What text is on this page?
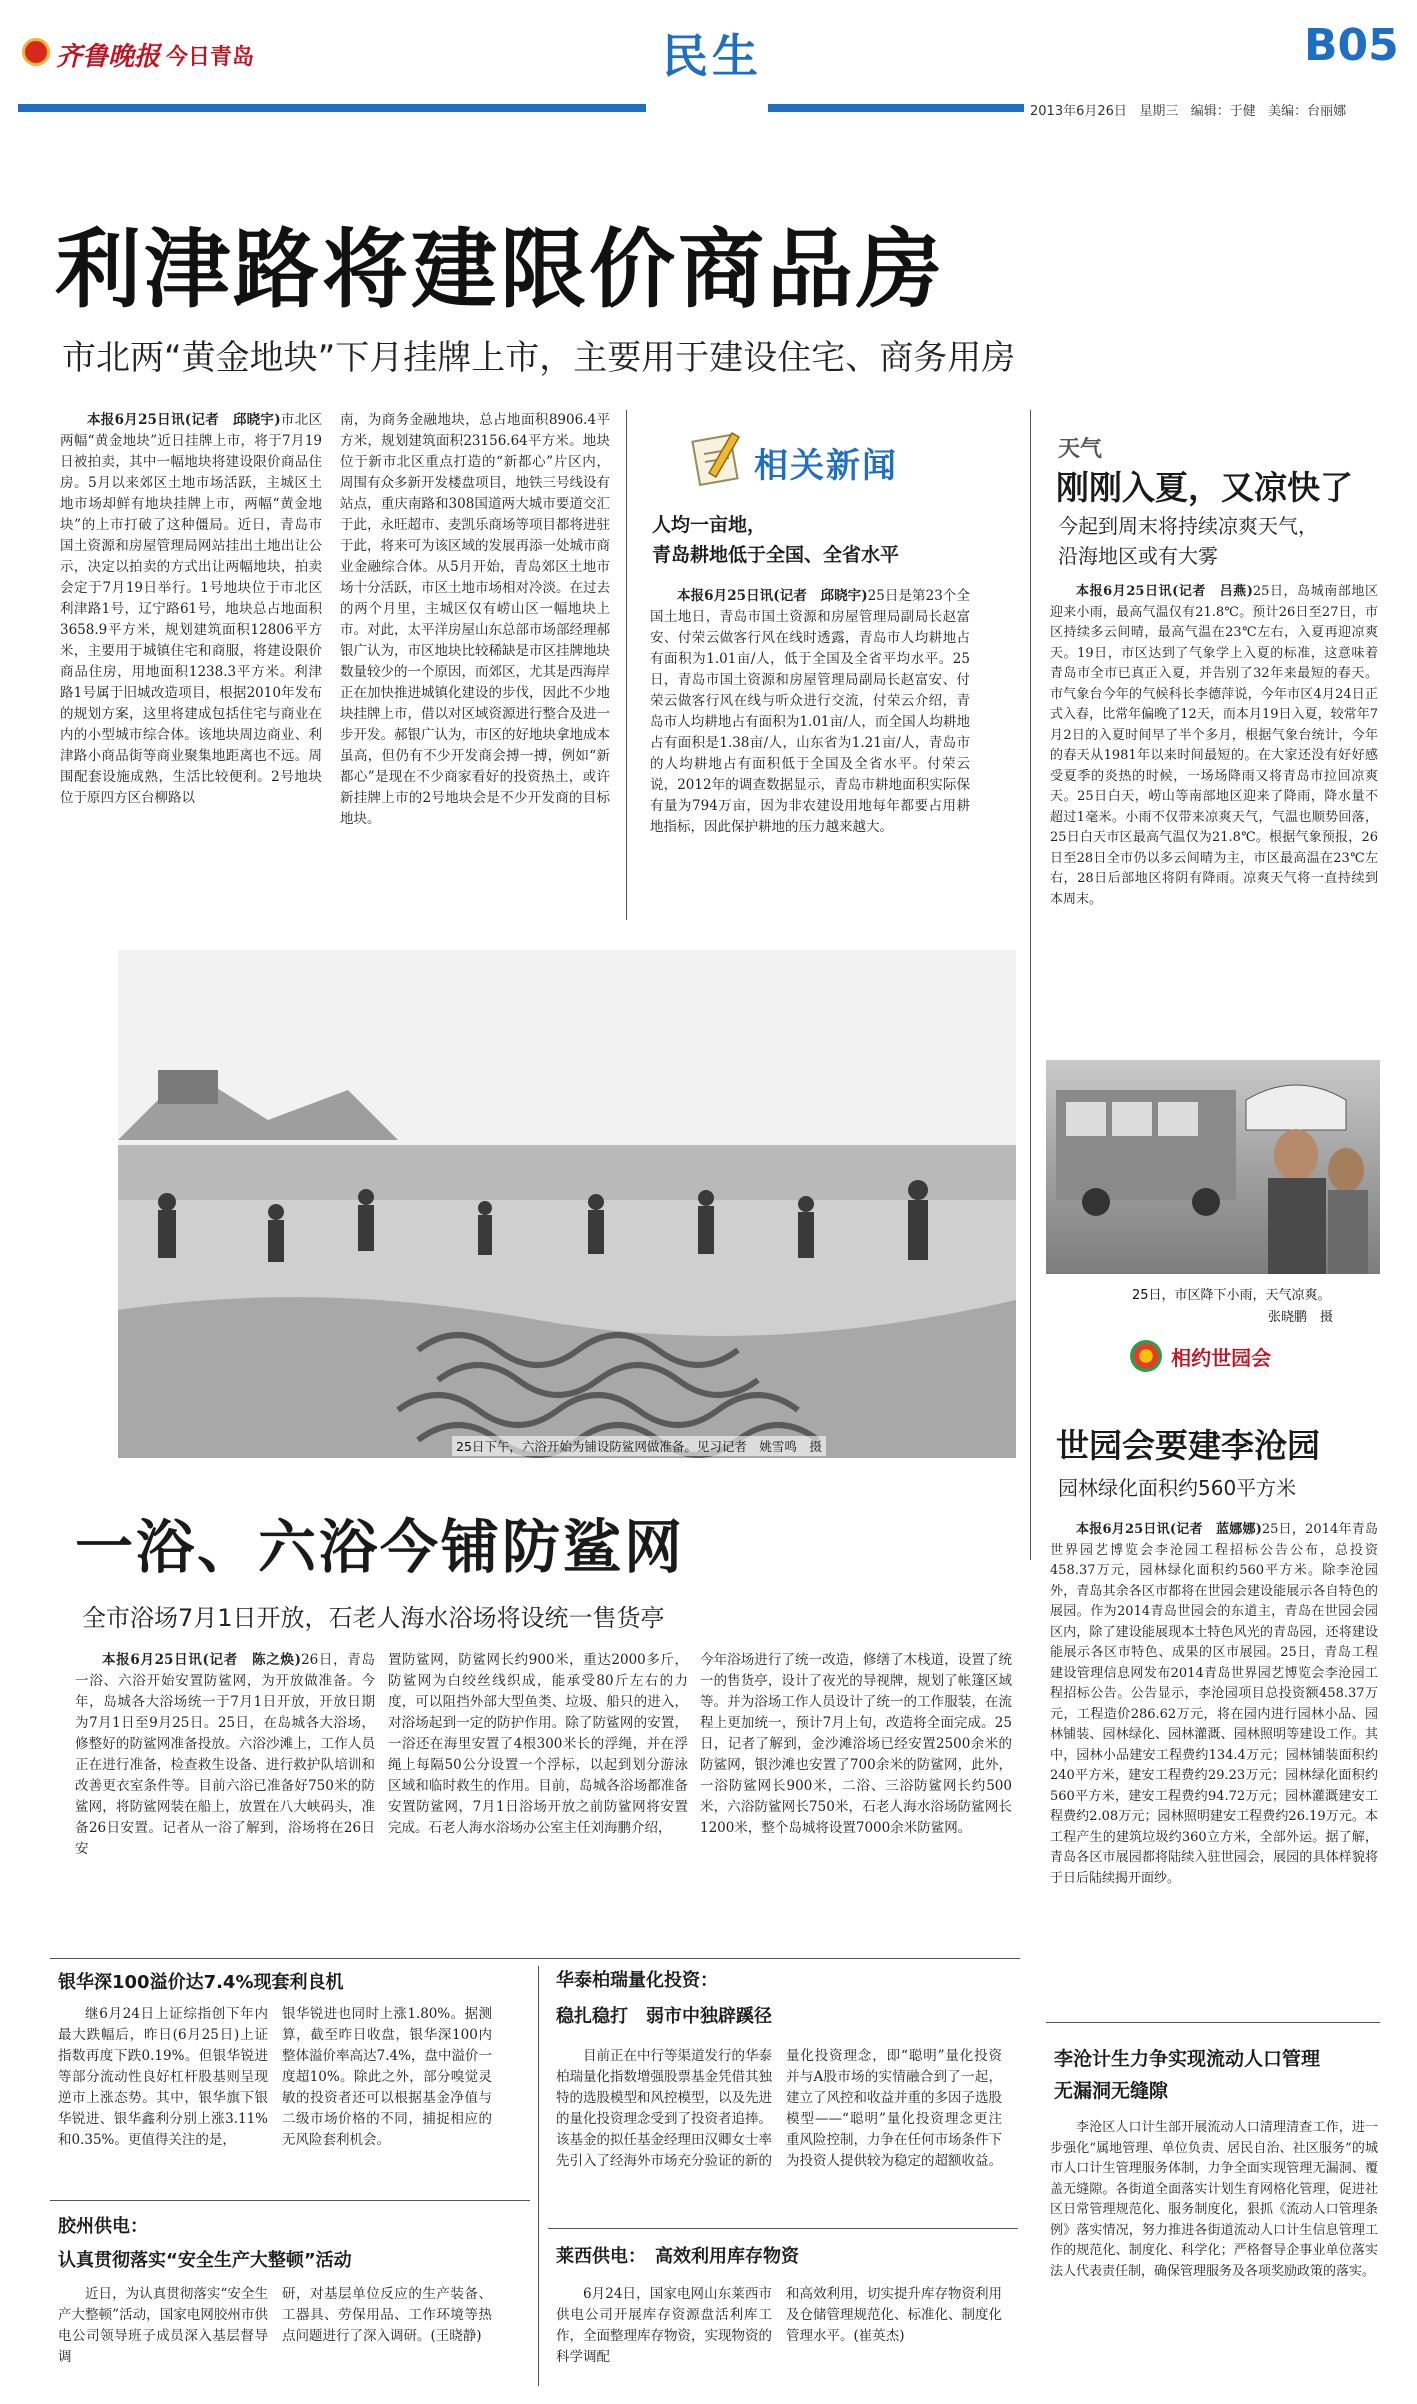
齐鲁晚报 今日青岛	民生	B05
2013年6月26日 星期三 编辑：于健 美编：台丽娜
利津路将建限价商品房
市北两“黄金地块”下月挂牌上市，主要用于建设住宅、商务用房

本报6月25日讯(记者　邱晓宇)市北区两幅“黄金地块”近日挂牌上市，将于7月19日被拍卖，其中一幅地块将建设限价商品住房。5月以来郊区土地市场活跃，主城区土地市场却鲜有地块挂牌上市，两幅“黄金地块”的上市打破了这种僵局。近日，青岛市国土资源和房屋管理局网站挂出土地出让公示，决定以拍卖的方式出让两幅地块，拍卖会定于7月19日举行。1号地块位于市北区利津路1号，辽宁路61号，地块总占地面积3658.9平方米，规划建筑面积12806平方米，主要用于城镇住宅和商服，将建设限价商品住房，用地面积1238.3平方米。利津路1号属于旧城改造项目，根据2010年发布的规划方案，这里将建成包括住宅与商业在内的小型城市综合体。该地块周边商业、利津路小商品街等商业聚集地距离也不远。周围配套设施成熟，生活比较便利。2号地块位于原四方区台柳路以

南，为商务金融地块，总占地面积8906.4平方米，规划建筑面积23156.64平方米。地块位于新市北区重点打造的“新都心”片区内，周围有众多新开发楼盘项目，地铁三号线设有站点，重庆南路和308国道两大城市要道交汇于此，永旺超市、麦凯乐商场等项目都将进驻于此，将来可为该区域的发展再添一处城市商业金融综合体。从5月开始，青岛郊区土地市场十分活跃，市区土地市场相对冷淡。在过去的两个月里，主城区仅有崂山区一幅地块上市。对此，太平洋房屋山东总部市场部经理郝银广认为，市区地块比较稀缺是市区挂牌地块数量较少的一个原因，而郊区，尤其是西海岸正在加快推进城镇化建设的步伐，因此不少地块挂牌上市，借以对区域资源进行整合及进一步开发。郝银广认为，市区的好地块拿地成本虽高，但仍有不少开发商会搏一搏，例如“新都心”是现在不少商家看好的投资热土，或许新挂牌上市的2号地块会是不少开发商的目标地块。

相关新闻
人均一亩地，
青岛耕地低于全国、全省水平

本报6月25日讯(记者　邱晓宇)25日是第23个全国土地日，青岛市国土资源和房屋管理局副局长赵富安、付荣云做客行风在线时透露，青岛市人均耕地占有面积为1.01亩/人，低于全国及全省平均水平。25日，青岛市国土资源和房屋管理局副局长赵富安、付荣云做客行风在线与听众进行交流，付荣云介绍，青岛市人均耕地占有面积为1.01亩/人，而全国人均耕地占有面积是1.38亩/人，山东省为1.21亩/人，青岛市的人均耕地占有面积低于全国及全省水平。付荣云说，2012年的调查数据显示，青岛市耕地面积实际保有量为794万亩，因为非农建设用地每年都要占用耕地指标，因此保护耕地的压力越来越大。

天气
刚刚入夏，又凉快了
今起到周末将持续凉爽天气，
沿海地区或有大雾

本报6月25日讯(记者　吕燕)25日，岛城南部地区迎来小雨，最高气温仅有21.8℃。预计26日至27日，市区持续多云间晴，最高气温在23℃左右，入夏再迎凉爽天。19日，市区达到了气象学上入夏的标准，这意味着青岛市全市已真正入夏，并告别了32年来最短的春天。市气象台今年的气候科长李德萍说，今年市区4月24日正式入春，比常年偏晚了12天，而本月19日入夏，较常年7月2日的入夏时间早了半个多月，根据气象台统计，今年的春天从1981年以来时间最短的。在大家还没有好好感受夏季的炎热的时候，一场场降雨又将青岛市拉回凉爽天。25日白天，崂山等南部地区迎来了降雨，降水量不超过1毫米。小雨不仅带来凉爽天气，气温也顺势回落，25日白天市区最高气温仅为21.8℃。根据气象预报，26日至28日全市仍以多云间晴为主，市区最高温在23℃左右，28日后部地区将阴有降雨。凉爽天气将一直持续到本周末。

25日，市区降下小雨，天气凉爽。
张晓鹏　摄
25日下午，六浴开始为铺设防鲨网做准备。见习记者　姚雪鸣　摄
相约世园会
世园会要建李沧园
园林绿化面积约560平方米

本报6月25日讯(记者　蓝娜娜)25日，2014年青岛世界园艺博览会李沧园工程招标公告公布，总投资458.37万元，园林绿化面积约560平方米。除李沧园外，青岛其余各区市都将在世园会建设能展示各自特色的展园。作为2014青岛世园会的东道主，青岛在世园会园区内，除了建设能展现本土特色风光的青岛园，还将建设能展示各区市特色、成果的区市展园。25日，青岛工程建设管理信息网发布2014青岛世界园艺博览会李沧园工程招标公告。公告显示，李沧园项目总投资额458.37万元，工程造价286.62万元，将在园内进行园林小品、园林铺装、园林绿化、园林灌溉、园林照明等建设工作。其中，园林小品建安工程费约134.4万元；园林铺装面积约240平方米，建安工程费约29.23万元；园林绿化面积约560平方米，建安工程费约94.72万元；园林灌溉建安工程费约2.08万元；园林照明建安工程费约26.19万元。本工程产生的建筑垃圾约360立方米，全部外运。据了解，青岛各区市展园都将陆续入驻世园会，展园的具体样貌将于日后陆续揭开面纱。

李沧计生力争实现流动人口管理
无漏洞无缝隙

李沧区人口计生部开展流动人口清理清查工作，进一步强化“属地管理、单位负责、居民自治、社区服务”的城市人口计生管理服务体制，力争全面实现管理无漏洞、覆盖无缝隙。各街道全面落实计划生育网格化管理，促进社区日常管理规范化、服务制度化，狠抓《流动人口管理条例》落实情况，努力推进各街道流动人口计生信息管理工作的规范化、制度化、科学化；严格督导企事业单位落实法人代表责任制，确保管理服务及各项奖励政策的落实。

一浴、六浴今铺防鲨网
全市浴场7月1日开放，石老人海水浴场将设统一售货亭

本报6月25日讯(记者　陈之焕)26日，青岛一浴、六浴开始安置防鲨网，为开放做准备。今年，岛城各大浴场统一于7月1日开放，开放日期为7月1日至9月25日。25日，在岛城各大浴场，修整好的防鲨网准备投放。六浴沙滩上，工作人员正在进行准备，检查救生设备、进行救护队培训和改善更衣室条件等。目前六浴已准备好750米的防鲨网，将防鲨网装在船上，放置在八大峡码头，准备26日安置。记者从一浴了解到，浴场将在26日安

置防鲨网，防鲨网长约900米，重达2000多斤，防鲨网为白绞丝线织成，能承受80斤左右的力度，可以阻挡外部大型鱼类、垃圾、船只的进入，对浴场起到一定的防护作用。除了防鲨网的安置，一浴还在海里安置了4根300米长的浮绳，并在浮绳上每隔50公分设置一个浮标，以起到划分游泳区域和临时救生的作用。目前，岛城各浴场都准备安置防鲨网，7月1日浴场开放之前防鲨网将安置完成。石老人海水浴场办公室主任刘海鹏介绍，

今年浴场进行了统一改造，修缮了木栈道，设置了统一的售货亭，设计了夜光的导视牌，规划了帐篷区域等。并为浴场工作人员设计了统一的工作服装，在流程上更加统一，预计7月上旬，改造将全面完成。25日，记者了解到，金沙滩浴场已经安置2500余米的防鲨网，银沙滩也安置了700余米的防鲨网，此外，一浴防鲨网长900米，二浴、三浴防鲨网长约500米，六浴防鲨网长750米，石老人海水浴场防鲨网长1200米，整个岛城将设置7000余米防鲨网。

银华深100溢价达7.4%现套利良机

继6月24日上证综指创下年内最大跌幅后，昨日(6月25日)上证指数再度下跌0.19%。但银华锐进等部分流动性良好杠杆股基则呈现逆市上涨态势。其中，银华旗下银华锐进、银华鑫利分别上涨3.11%和0.35%。更值得关注的是，

银华锐进也同时上涨1.80%。据测算，截至昨日收盘，银华深100内整体溢价率高达7.4%，盘中溢价一度超10%。除此之外，部分嗅觉灵敏的投资者还可以根据基金净值与二级市场价格的不同，捕捉相应的无风险套利机会。

胶州供电：
认真贯彻落实“安全生产大整顿”活动

近日，为认真贯彻落实“安全生产大整顿”活动，国家电网胶州市供电公司领导班子成员深入基层督导调

研，对基层单位反应的生产装备、工器具、劳保用品、工作环境等热点问题进行了深入调研。(王晓静)

华泰柏瑞量化投资：
稳扎稳打　弱市中独辟蹊径

目前正在中行等渠道发行的华泰柏瑞量化指数增强股票基金凭借其独特的选股模型和风控模型，以及先进的量化投资理念受到了投资者追捧。该基金的拟任基金经理田汉卿女士率先引入了经海外市场充分验证的新的

量化投资理念，即“聪明”量化投资并与A股市场的实情融合到了一起，建立了风控和收益并重的多因子选股模型——“聪明”量化投资理念更注重风险控制，力争在任何市场条件下为投资人提供较为稳定的超额收益。

莱西供电：　高效利用库存物资

6月24日，国家电网山东莱西市供电公司开展库存资源盘活利库工作，全面整理库存物资，实现物资的科学调配

和高效利用，切实提升库存物资利用及仓储管理规范化、标准化、制度化管理水平。(崔英杰)
